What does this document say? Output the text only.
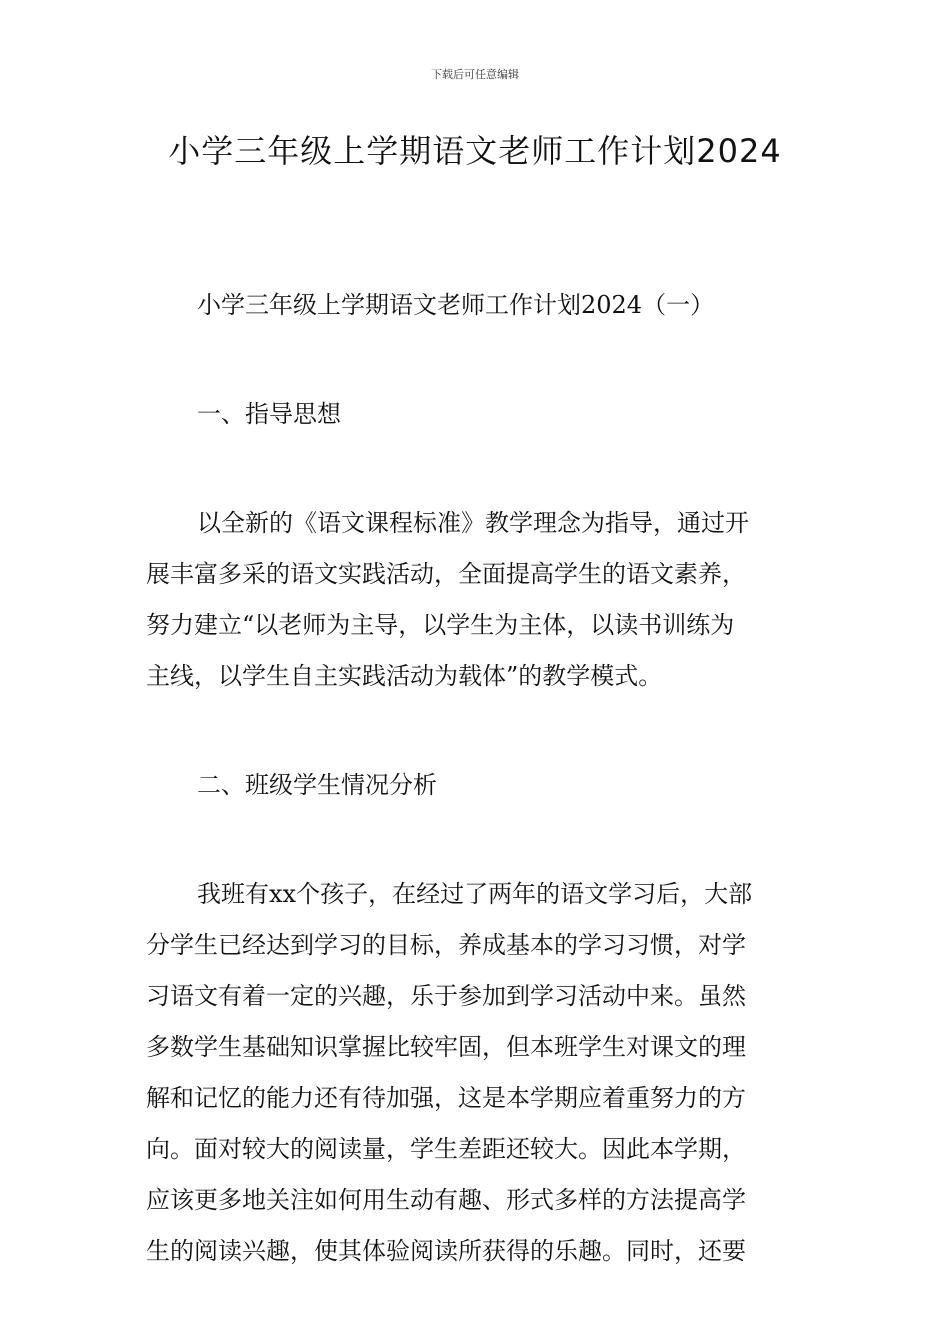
下载后可任意编辑
小学三年级上学期语文老师工作计划2024

小学三年级上学期语文老师工作计划2024（一）

一、指导思想

以全新的《语文课程标准》教学理念为指导，通过开
展丰富多采的语文实践活动，全面提高学生的语文素养，
努力建立“以老师为主导，以学生为主体，以读书训练为
主线，以学生自主实践活动为载体”的教学模式。

二、班级学生情况分析

我班有xx个孩子，在经过了两年的语文学习后，大部
分学生已经达到学习的目标，养成基本的学习习惯，对学
习语文有着一定的兴趣，乐于参加到学习活动中来。虽然
多数学生基础知识掌握比较牢固，但本班学生对课文的理
解和记忆的能力还有待加强，这是本学期应着重努力的方
向。面对较大的阅读量，学生差距还较大。因此本学期，
应该更多地关注如何用生动有趣、形式多样的方法提高学
生的阅读兴趣，使其体验阅读所获得的乐趣。同时，还要
